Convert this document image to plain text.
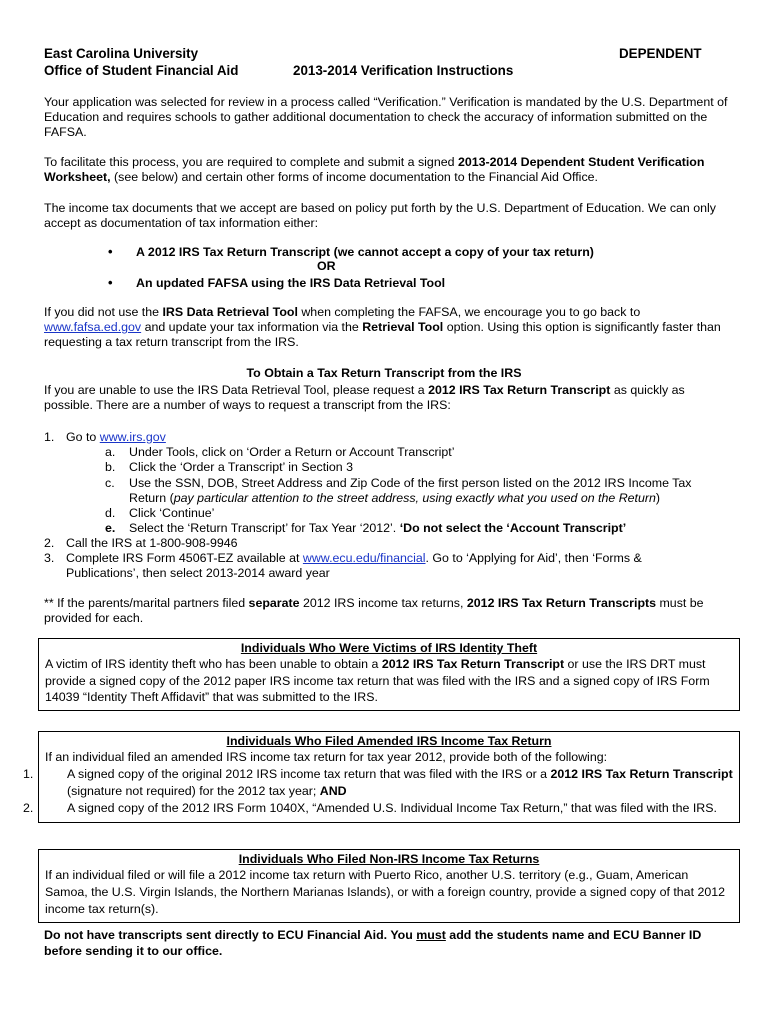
East Carolina University
Office of Student Financial Aid	2013-2014 Verification Instructions
DEPENDENT

Your application was selected for review in a process called “Verification.” Verification is mandated by the U.S. Department of Education and requires schools to gather additional documentation to check the accuracy of information submitted on the FAFSA.

To facilitate this process, you are required to complete and submit a signed 2013-2014 Dependent Student Verification Worksheet, (see below) and certain other forms of income documentation to the Financial Aid Office.

The income tax documents that we accept are based on policy put forth by the U.S. Department of Education. We can only accept as documentation of tax information either:

• A 2012 IRS Tax Return Transcript (we cannot accept a copy of your tax return)
OR
• An updated FAFSA using the IRS Data Retrieval Tool

If you did not use the IRS Data Retrieval Tool when completing the FAFSA, we encourage you to go back to
www.fafsa.ed.gov and update your tax information via the Retrieval Tool option. Using this option is significantly faster than requesting a tax return transcript from the IRS.

To Obtain a Tax Return Transcript from the IRS

If you are unable to use the IRS Data Retrieval Tool, please request a 2012 IRS Tax Return Transcript as quickly as possible. There are a number of ways to request a transcript from the IRS:

1. Go to www.irs.gov
a. Under Tools, click on ‘Order a Return or Account Transcript’
b. Click the ‘Order a Transcript’ in Section 3
c. Use the SSN, DOB, Street Address and Zip Code of the first person listed on the 2012 IRS Income Tax
Return (pay particular attention to the street address, using exactly what you used on the Return)
d. Click ‘Continue’
e. Select the ‘Return Transcript’ for Tax Year ‘2012’. ‘Do not select the ‘Account Transcript’
2. Call the IRS at 1-800-908-9946
3. Complete IRS Form 4506T-EZ available at www.ecu.edu/financial. Go to ‘Applying for Aid’, then ‘Forms &
Publications’, then select 2013-2014 award year

** If the parents/marital partners filed separate 2012 IRS income tax returns, 2012 IRS Tax Return Transcripts must be provided for each.

Individuals Who Were Victims of IRS Identity Theft

A victim of IRS identity theft who has been unable to obtain a 2012 IRS Tax Return Transcript or use the IRS DRT must provide a signed copy of the 2012 paper IRS income tax return that was filed with the IRS and a signed copy of IRS Form 14039 “Identity Theft Affidavit” that was submitted to the IRS.

Individuals Who Filed Amended IRS Income Tax Return

If an individual filed an amended IRS income tax return for tax year 2012, provide both of the following:

1.	A signed copy of the original 2012 IRS income tax return that was filed with the IRS or a 2012 IRS Tax Return Transcript (signature not required) for the 2012 tax year; AND

2.	A signed copy of the 2012 IRS Form 1040X, “Amended U.S. Individual Income Tax Return,” that was filed with the IRS.

Individuals Who Filed Non-IRS Income Tax Returns

If an individual filed or will file a 2012 income tax return with Puerto Rico, another U.S. territory (e.g., Guam, American Samoa, the U.S. Virgin Islands, the Northern Marianas Islands), or with a foreign country, provide a signed copy of that 2012 income tax return(s).

Do not have transcripts sent directly to ECU Financial Aid. You must add the students name and ECU Banner ID before sending it to our office.
